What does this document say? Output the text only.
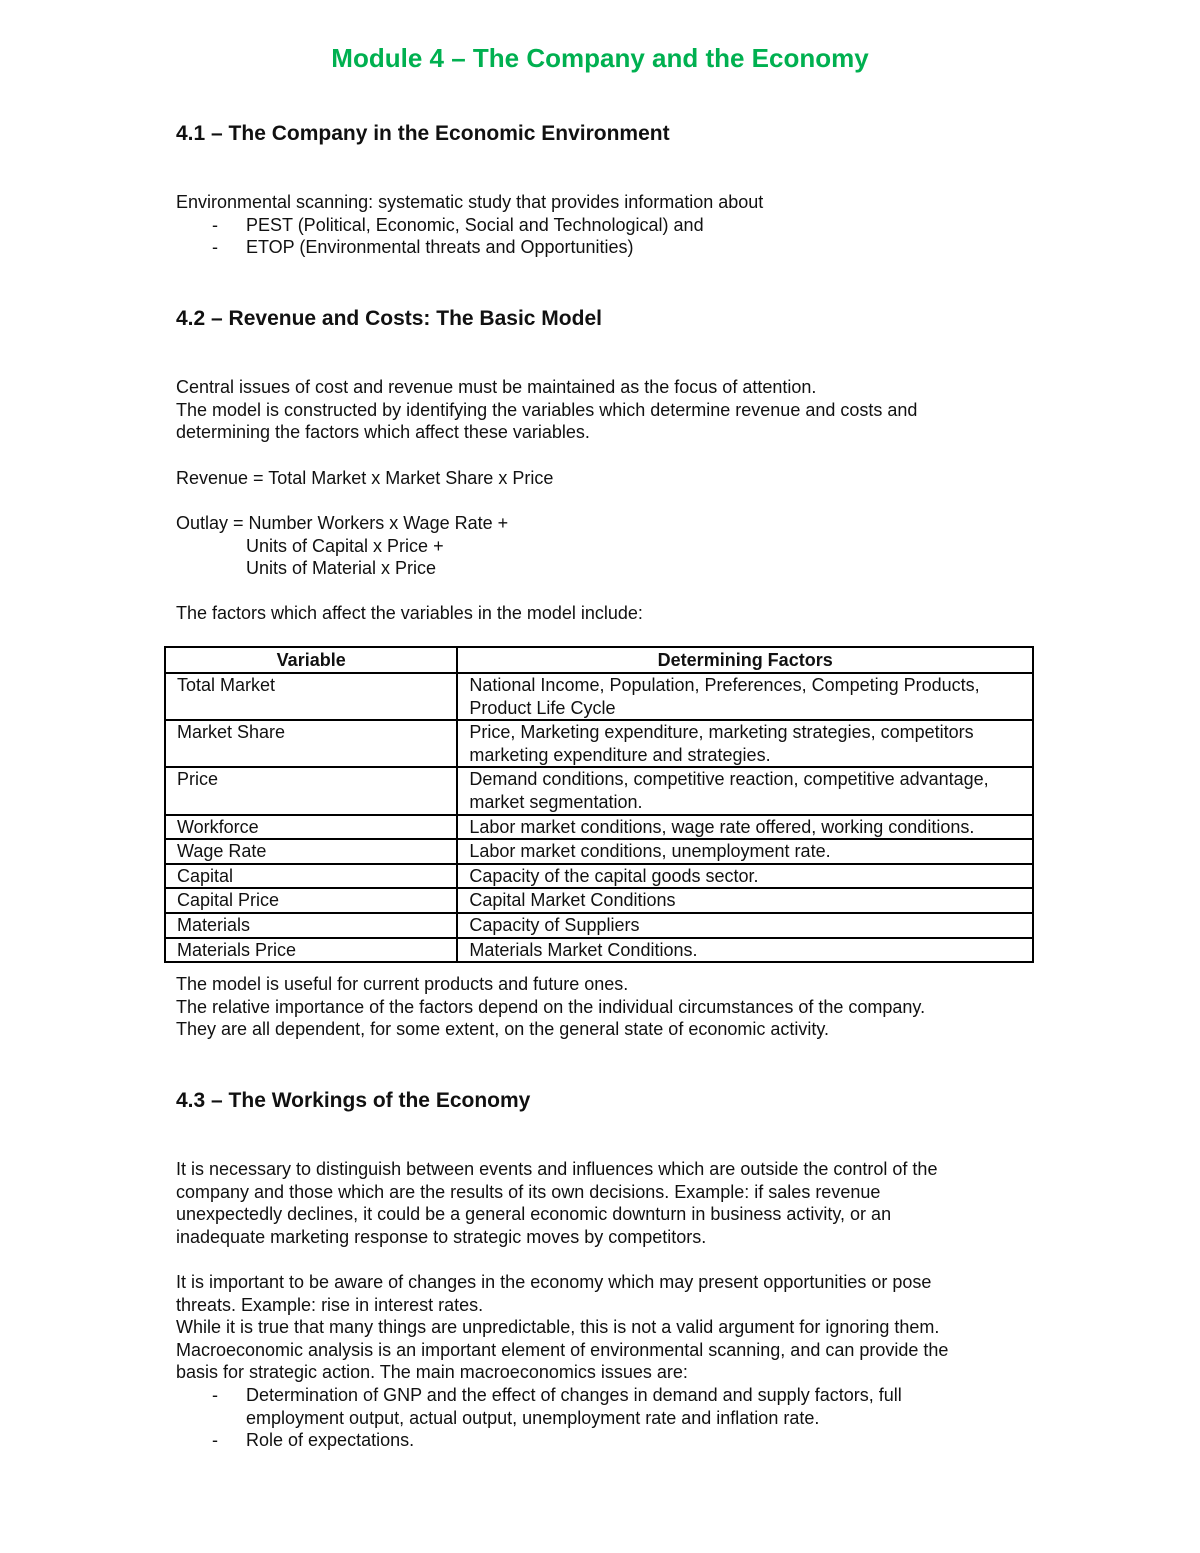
Module 4 – The Company and the Economy
4.1 – The Company in the Economic Environment
Environmental scanning: systematic study that provides information about
- PEST (Political, Economic, Social and Technological) and
- ETOP (Environmental threats and Opportunities)
4.2 – Revenue and Costs: The Basic Model
Central issues of cost and revenue must be maintained as the focus of attention.
The model is constructed by identifying the variables which determine revenue and costs and
determining the factors which affect these variables.
Revenue = Total Market x Market Share x Price
Outlay = Number Workers x Wage Rate +
Units of Capital x Price +
Units of Material x Price
The factors which affect the variables in the model include:
Variable	Determining Factors
Total Market	National Income, Population, Preferences, Competing Products, Product Life Cycle
Market Share	Price, Marketing expenditure, marketing strategies, competitors marketing expenditure and strategies.
Price	Demand conditions, competitive reaction, competitive advantage, market segmentation.
Workforce	Labor market conditions, wage rate offered, working conditions.
Wage Rate	Labor market conditions, unemployment rate.
Capital	Capacity of the capital goods sector.
Capital Price	Capital Market Conditions
Materials	Capacity of Suppliers
Materials Price	Materials Market Conditions.
The model is useful for current products and future ones.
The relative importance of the factors depend on the individual circumstances of the company.
They are all dependent, for some extent, on the general state of economic activity.
4.3 – The Workings of the Economy
It is necessary to distinguish between events and influences which are outside the control of the
company and those which are the results of its own decisions. Example: if sales revenue
unexpectedly declines, it could be a general economic downturn in business activity, or an
inadequate marketing response to strategic moves by competitors.
It is important to be aware of changes in the economy which may present opportunities or pose
threats. Example: rise in interest rates.
While it is true that many things are unpredictable, this is not a valid argument for ignoring them.
Macroeconomic analysis is an important element of environmental scanning, and can provide the
basis for strategic action. The main macroeconomics issues are:
- Determination of GNP and the effect of changes in demand and supply factors, full
employment output, actual output, unemployment rate and inflation rate.
- Role of expectations.
